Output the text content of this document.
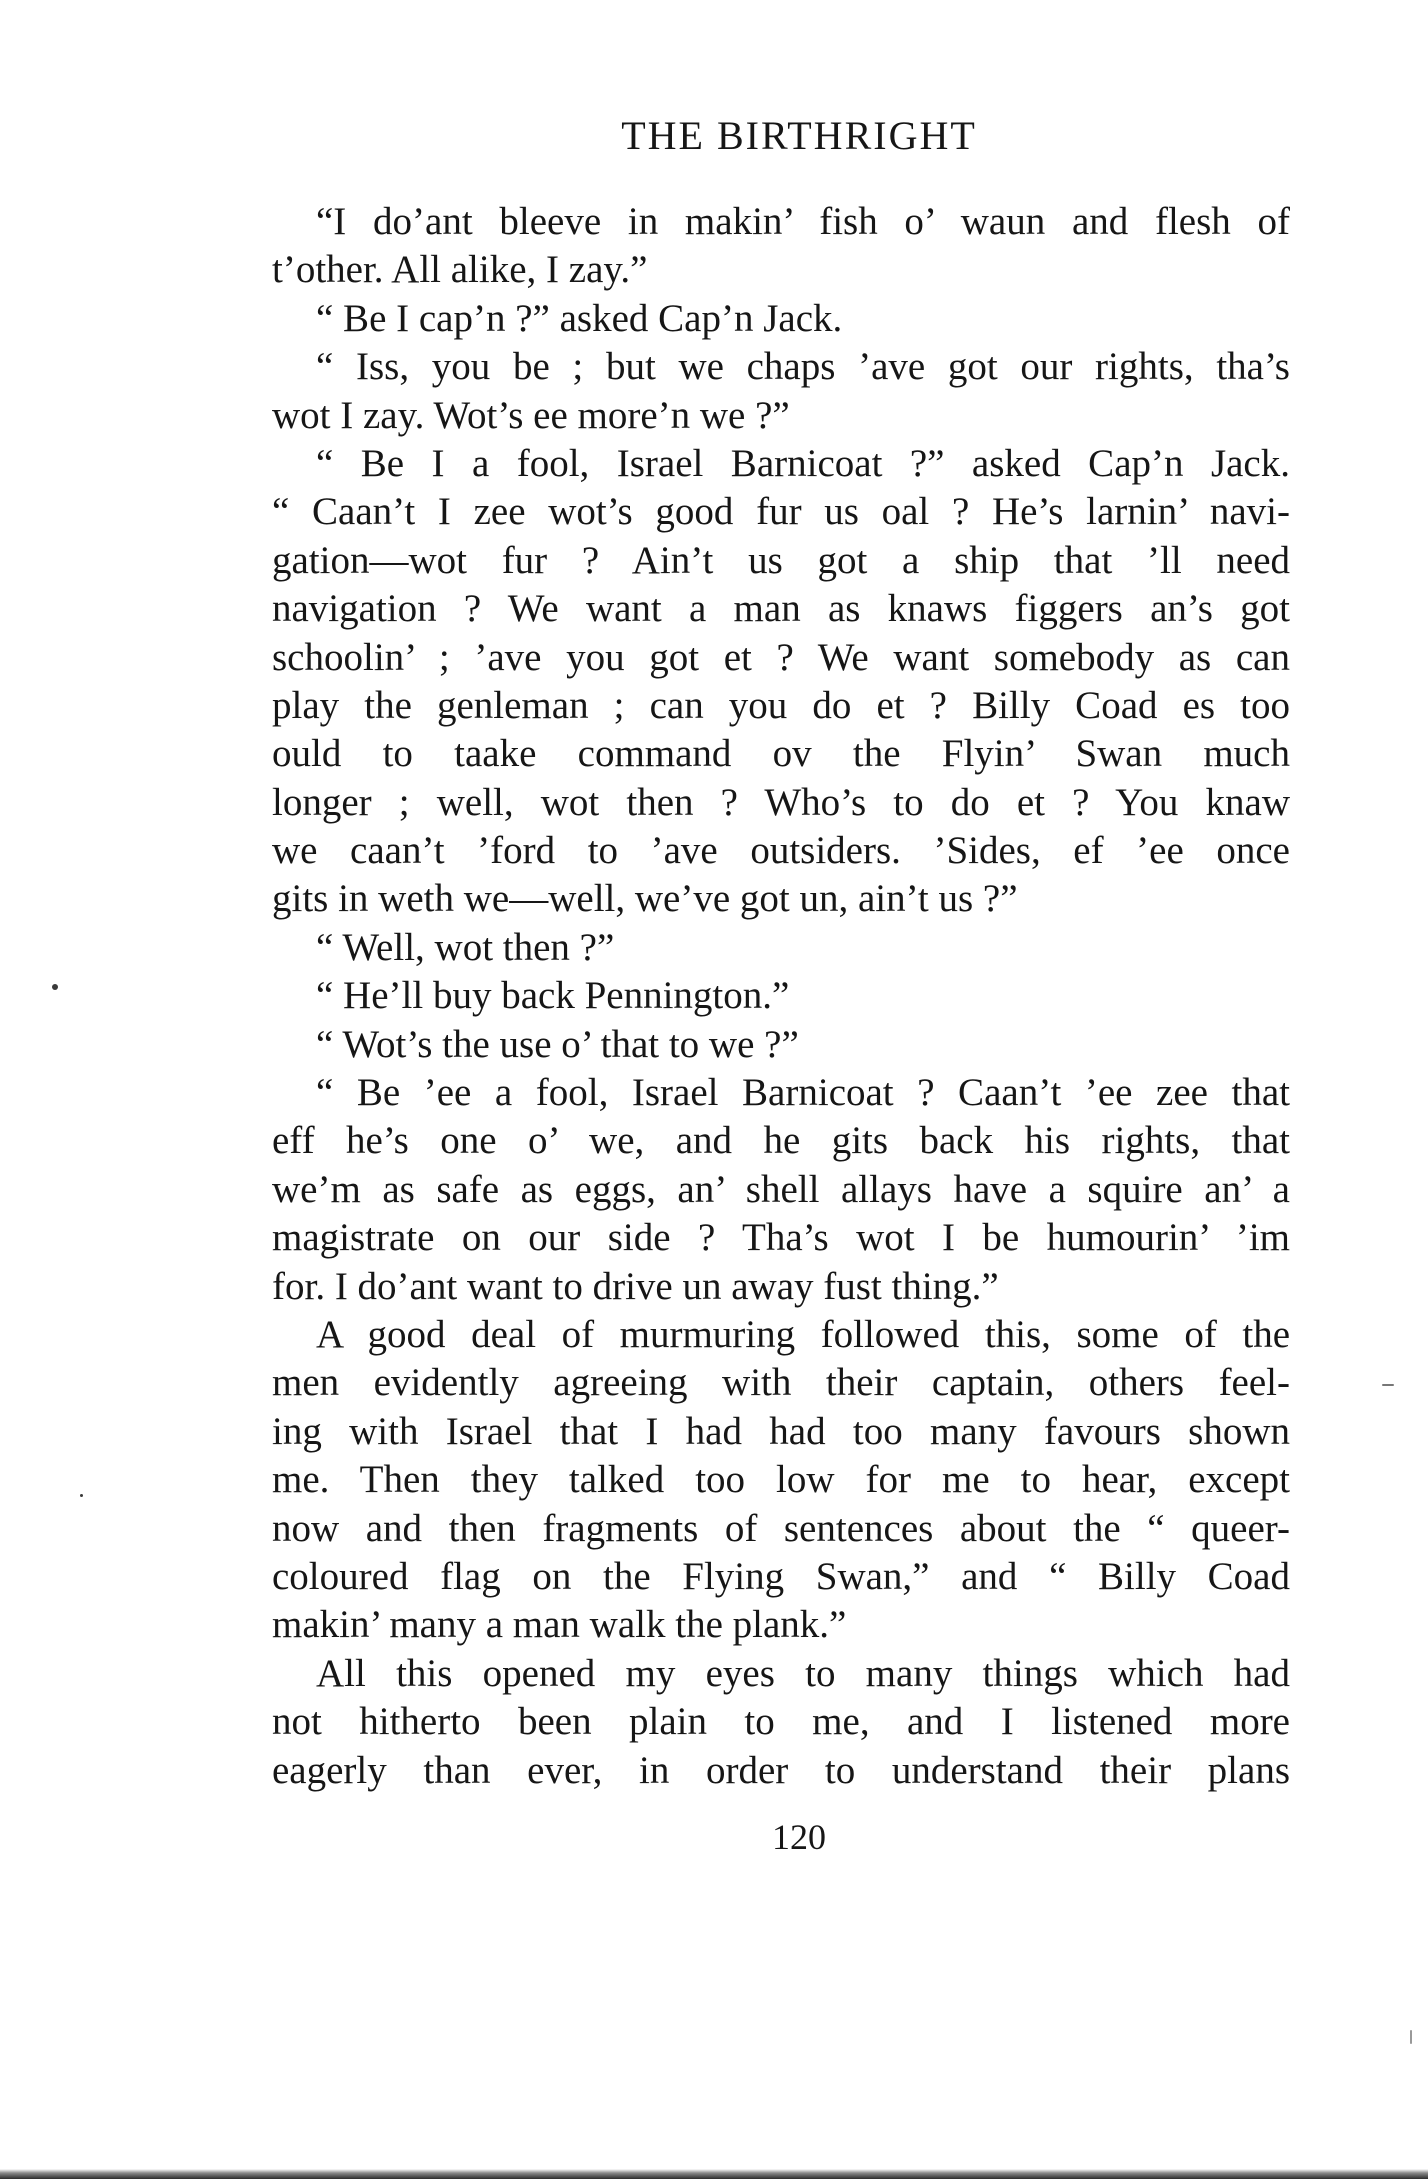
THE BIRTHRIGHT
“I do’ant bleeve in makin’ fish o’ waun and flesh of
t’other. All alike, I zay.”
“ Be I cap’n ?” asked Cap’n Jack.
“ Iss, you be ; but we chaps ’ave got our rights, tha’s
wot I zay. Wot’s ee more’n we ?”
“ Be I a fool, Israel Barnicoat ?” asked Cap’n Jack.
“ Caan’t I zee wot’s good fur us oal ? He’s larnin’ navi-
gation—wot fur ? Ain’t us got a ship that ’ll need
navigation ? We want a man as knaws figgers an’s got
schoolin’ ; ’ave you got et ? We want somebody as can
play the genleman ; can you do et ? Billy Coad es too
ould to taake command ov the Flyin’ Swan much
longer ; well, wot then ? Who’s to do et ? You knaw
we caan’t ’ford to ’ave outsiders. ’Sides, ef ’ee once
gits in weth we—well, we’ve got un, ain’t us ?”
“ Well, wot then ?”
“ He’ll buy back Pennington.”
“ Wot’s the use o’ that to we ?”
“ Be ’ee a fool, Israel Barnicoat ? Caan’t ’ee zee that
eff he’s one o’ we, and he gits back his rights, that
we’m as safe as eggs, an’ shell allays have a squire an’ a
magistrate on our side ? Tha’s wot I be humourin’ ’im
for. I do’ant want to drive un away fust thing.”
A good deal of murmuring followed this, some of the
men evidently agreeing with their captain, others feel-
ing with Israel that I had had too many favours shown
me. Then they talked too low for me to hear, except
now and then fragments of sentences about the “ queer-
coloured flag on the Flying Swan,” and “ Billy Coad
makin’ many a man walk the plank.”
All this opened my eyes to many things which had
not hitherto been plain to me, and I listened more
eagerly than ever, in order to understand their plans
120
